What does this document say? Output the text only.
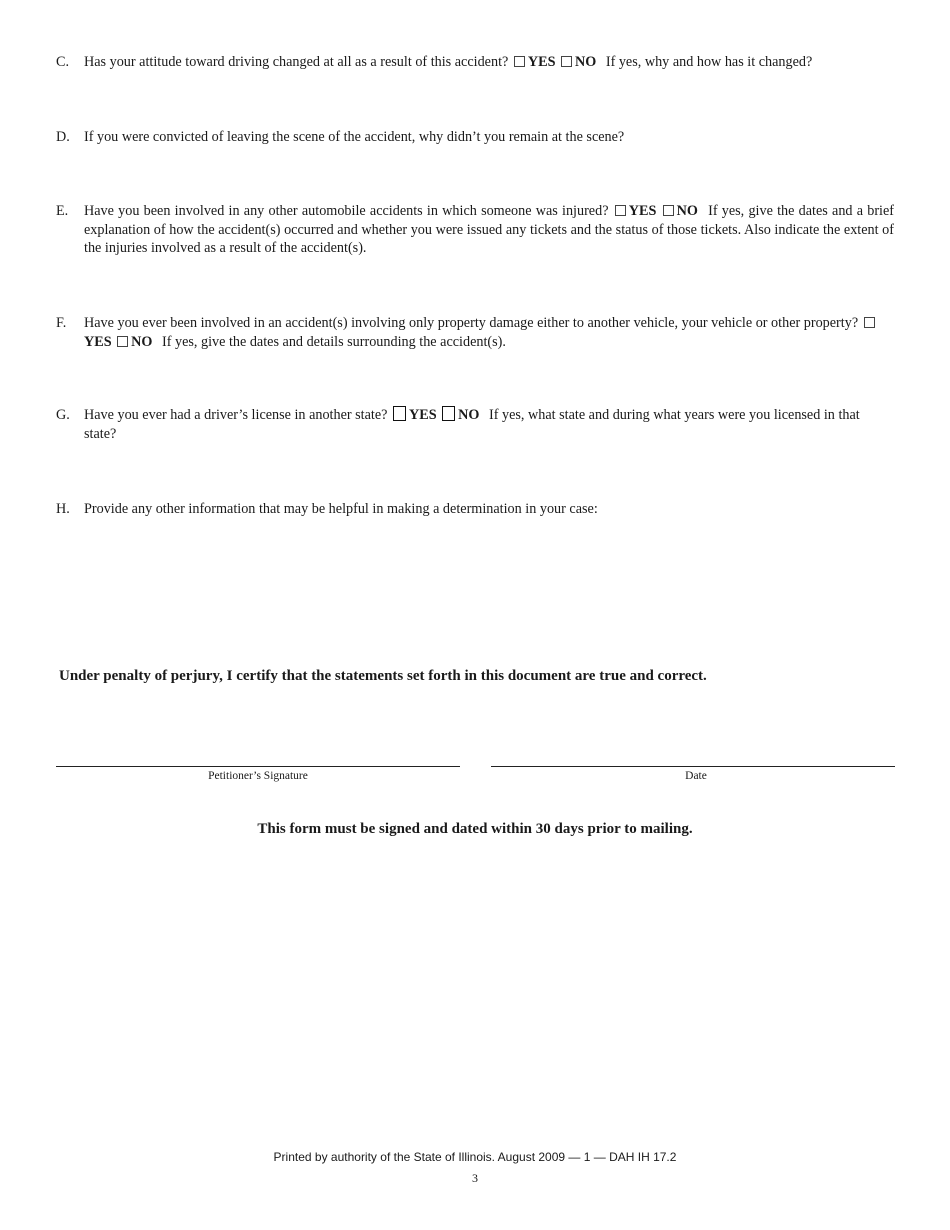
C. Has your attitude toward driving changed at all as a result of this accident? YES NO If yes, why and how has it changed?
D. If you were convicted of leaving the scene of the accident, why didn’t you remain at the scene?
E. Have you been involved in any other automobile accidents in which someone was injured? YES NO If yes, give the dates and a brief explanation of how the accident(s) occurred and whether you were issued any tickets and the status of those tickets. Also indicate the extent of the injuries involved as a result of the accident(s).
F. Have you ever been involved in an accident(s) involving only property damage either to another vehicle, your vehicle or other property? YES NO If yes, give the dates and details surrounding the accident(s).
G. Have you ever had a driver’s license in another state? YES NO If yes, what state and during what years were you licensed in that state?
H. Provide any other information that may be helpful in making a determination in your case:
Under penalty of perjury, I certify that the statements set forth in this document are true and correct.
Petitioner’s Signature	Date
This form must be signed and dated within 30 days prior to mailing.
Printed by authority of the State of Illinois. August 2009 — 1 — DAH IH 17.2
3
